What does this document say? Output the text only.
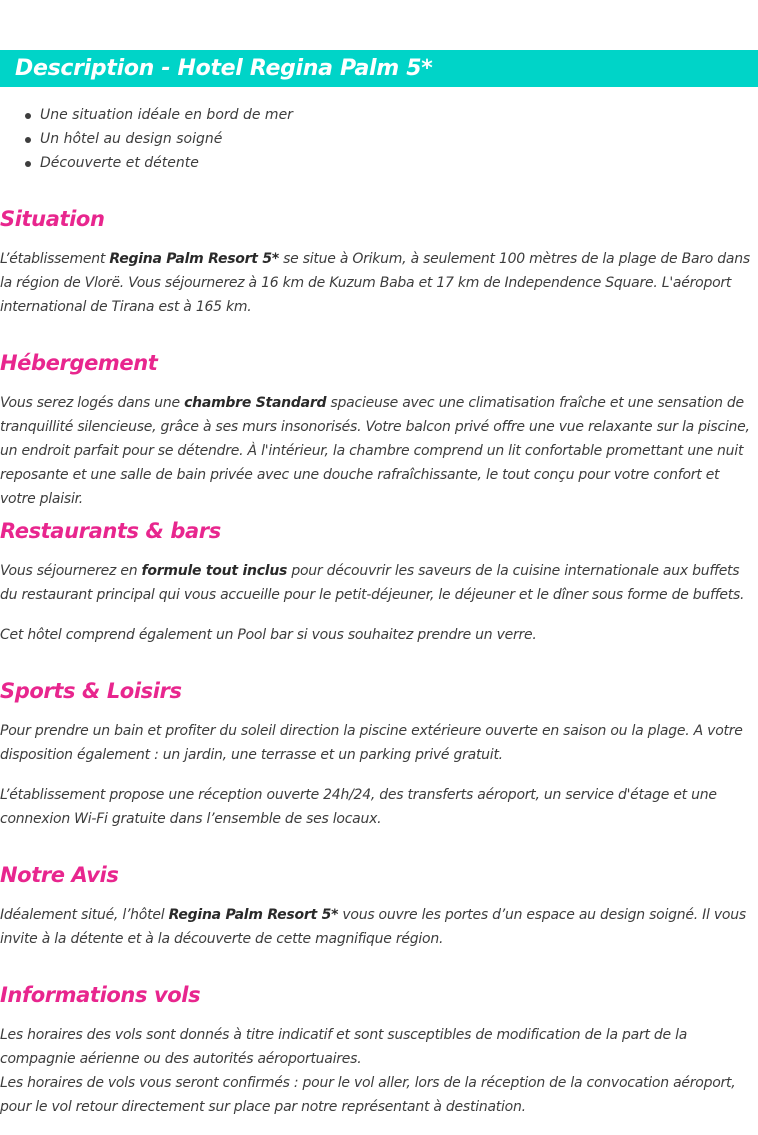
Description - Hotel Regina Palm 5*
Une situation idéale en bord de mer
Un hôtel au design soigné
Découverte et détente
Situation

L’établissement Regina Palm Resort 5* se situe à Orikum, à seulement 100 mètres de la plage de Baro dans la région de Vlorë. Vous séjournerez à 16 km de Kuzum Baba et 17 km de Independence Square. L'aéroport international de Tirana est à 165 km.

Hébergement

Vous serez logés dans une chambre Standard spacieuse avec une climatisation fraîche et une sensation de tranquillité silencieuse, grâce à ses murs insonorisés. Votre balcon privé offre une vue relaxante sur la piscine, un endroit parfait pour se détendre. À l'intérieur, la chambre comprend un lit confortable promettant une nuit reposante et une salle de bain privée avec une douche rafraîchissante, le tout conçu pour votre confort et votre plaisir.

Restaurants & bars

Vous séjournerez en formule tout inclus pour découvrir les saveurs de la cuisine internationale aux buffets du restaurant principal qui vous accueille pour le petit-déjeuner, le déjeuner et le dîner sous forme de buffets.

Cet hôtel comprend également un Pool bar si vous souhaitez prendre un verre.

Sports & Loisirs

Pour prendre un bain et profiter du soleil direction la piscine extérieure ouverte en saison ou la plage. A votre disposition également : un jardin, une terrasse et un parking privé gratuit.

L’établissement propose une réception ouverte 24h/24, des transferts aéroport, un service d'étage et une connexion Wi-Fi gratuite dans l’ensemble de ses locaux.

Notre Avis

Idéalement situé, l’hôtel Regina Palm Resort 5* vous ouvre les portes d’un espace au design soigné. Il vous invite à la détente et à la découverte de cette magnifique région.

Informations vols

Les horaires des vols sont donnés à titre indicatif et sont susceptibles de modification de la part de la compagnie aérienne ou des autorités aéroportuaires.
Les horaires de vols vous seront confirmés : pour le vol aller, lors de la réception de la convocation aéroport, pour le vol retour directement sur place par notre représentant à destination.
